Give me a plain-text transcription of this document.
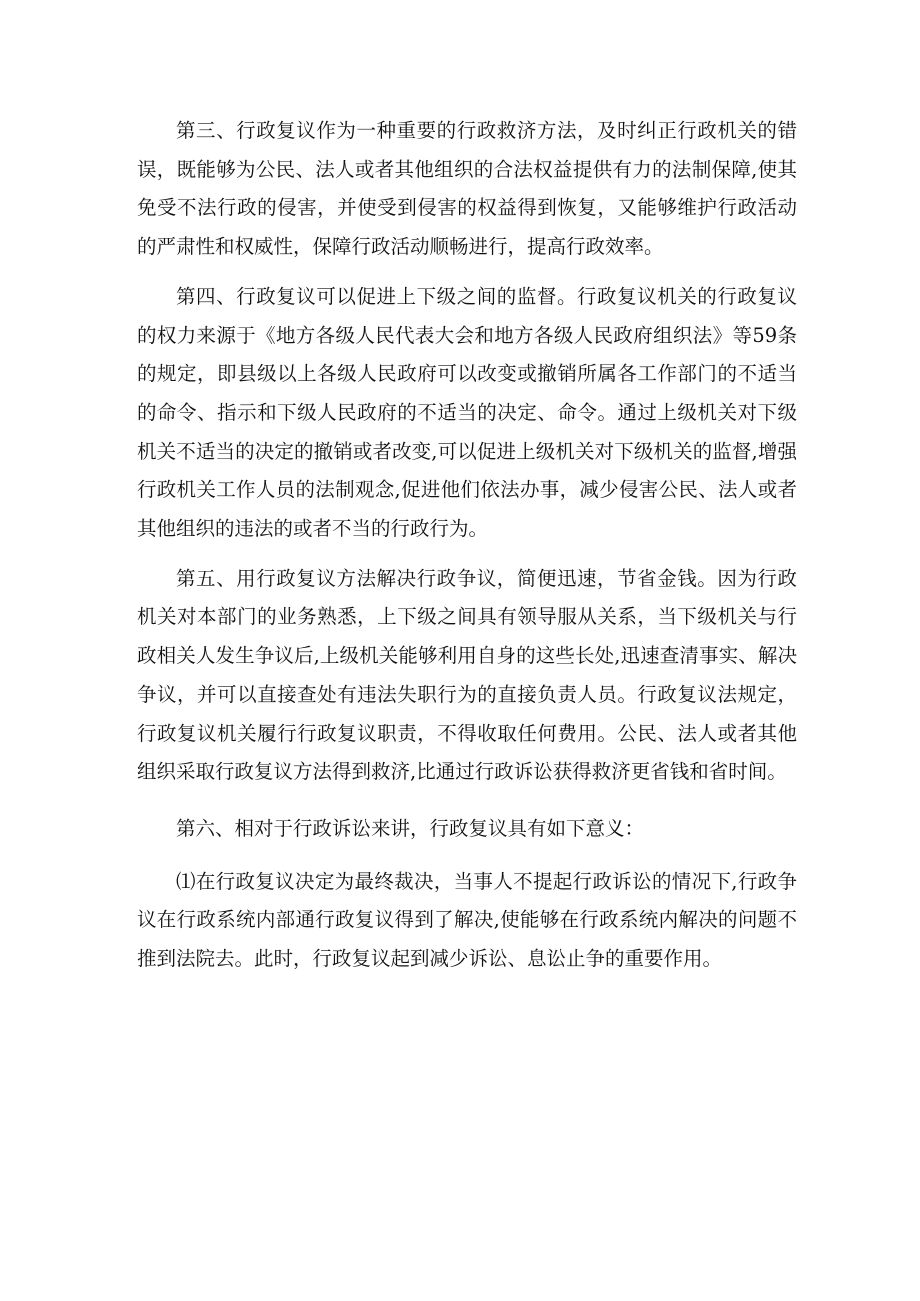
第三、行政复议作为一种重要的行政救济方法，及时纠正行政机关的错误，既能够为公民、法人或者其他组织的合法权益提供有力的法制保障,使其免受不法行政的侵害，并使受到侵害的权益得到恢复，又能够维护行政活动的严肃性和权威性，保障行政活动顺畅进行，提高行政效率。

第四、行政复议可以促进上下级之间的监督。行政复议机关的行政复议的权力来源于《地方各级人民代表大会和地方各级人民政府组织法》等59条的规定，即县级以上各级人民政府可以改变或撤销所属各工作部门的不适当的命令、指示和下级人民政府的不适当的决定、命令。通过上级机关对下级机关不适当的决定的撤销或者改变,可以促进上级机关对下级机关的监督,增强行政机关工作人员的法制观念,促进他们依法办事，减少侵害公民、法人或者其他组织的违法的或者不当的行政行为。

第五、用行政复议方法解决行政争议，简便迅速，节省金钱。因为行政机关对本部门的业务熟悉，上下级之间具有领导服从关系，当下级机关与行政相关人发生争议后,上级机关能够利用自身的这些长处,迅速查清事实、解决争议，并可以直接查处有违法失职行为的直接负责人员。行政复议法规定，行政复议机关履行行政复议职责，不得收取任何费用。公民、法人或者其他组织采取行政复议方法得到救济,比通过行政诉讼获得救济更省钱和省时间。

第六、相对于行政诉讼来讲，行政复议具有如下意义：

⑴在行政复议决定为最终裁决，当事人不提起行政诉讼的情况下,行政争议在行政系统内部通行政复议得到了解决,使能够在行政系统内解决的问题不推到法院去。此时，行政复议起到减少诉讼、息讼止争的重要作用。
